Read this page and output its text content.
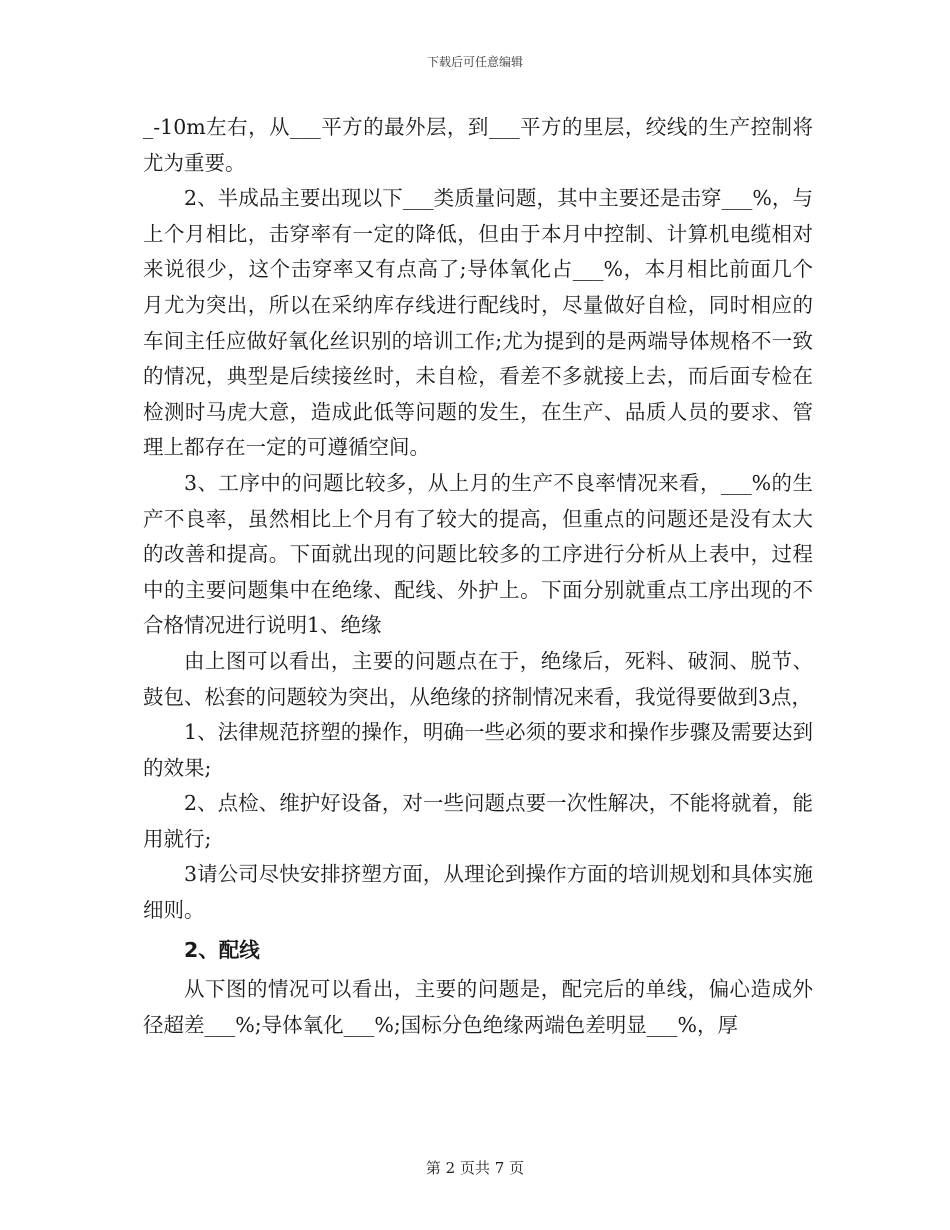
下载后可任意编辑

_-10m左右，从___平方的最外层，到___平方的里层，绞线的生产控制将尤为重要。

2、半成品主要出现以下___类质量问题，其中主要还是击穿___%，与上个月相比，击穿率有一定的降低，但由于本月中控制、计算机电缆相对来说很少，这个击穿率又有点高了;导体氧化占___%，本月相比前面几个月尤为突出，所以在采纳库存线进行配线时，尽量做好自检，同时相应的车间主任应做好氧化丝识别的培训工作;尤为提到的是两端导体规格不一致的情况，典型是后续接丝时，未自检，看差不多就接上去，而后面专检在检测时马虎大意，造成此低等问题的发生，在生产、品质人员的要求、管理上都存在一定的可遵循空间。

3、工序中的问题比较多，从上月的生产不良率情况来看，___%的生产不良率，虽然相比上个月有了较大的提高，但重点的问题还是没有太大的改善和提高。下面就出现的问题比较多的工序进行分析从上表中，过程中的主要问题集中在绝缘、配线、外护上。下面分别就重点工序出现的不合格情况进行说明1、绝缘

由上图可以看出，主要的问题点在于，绝缘后，死料、破洞、脱节、鼓包、松套的问题较为突出，从绝缘的挤制情况来看，我觉得要做到3点，

1、法律规范挤塑的操作，明确一些必须的要求和操作步骤及需要达到的效果;

2、点检、维护好设备，对一些问题点要一次性解决，不能将就着，能用就行;

3请公司尽快安排挤塑方面，从理论到操作方面的培训规划和具体实施细则。

2、配线

从下图的情况可以看出，主要的问题是，配完后的单线，偏心造成外径超差___%;导体氧化___%;国标分色绝缘两端色差明显___%，厚

第 2 页共 7 页
